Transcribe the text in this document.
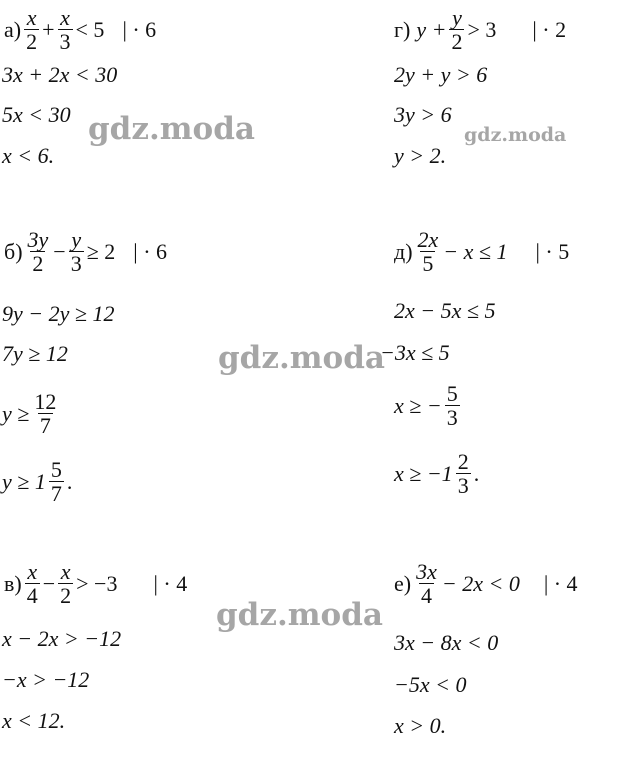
$а) \frac{x}{2} + \frac{x}{3} < 5$ | · 6
3x + 2x < 30
5x < 30
x < 6.
г) $y + \frac{y}{2} > 3$ | · 2
2y + y > 6
3y > 6
y > 2.
$б) \frac{3y}{2} - \frac{y}{3} \ge 2$ | · 6
9y − 2y ≥ 12
7y ≥ 12
$y \ge \frac{12}{7}$
$y \ge 1 \frac{5}{7}$ .
$д) \frac{2x}{5} - x \le 1$ | · 5
2x − 5x ≤ 5
−3x ≤ 5
x ≥ − $\frac{5}{3}$
$x \ge -1 \frac{2}{3}$ .
$в) \frac{x}{4} - \frac{x}{2} > -3$ | · 4
x − 2x > −12
−x > −12
x < 12.
$е) \frac{3x}{4} - 2x < 0$ | · 4
3x − 8x < 0
−5x < 0
x > 0.
gdz.moda	gdz.moda
gdz.moda
gdz.moda
